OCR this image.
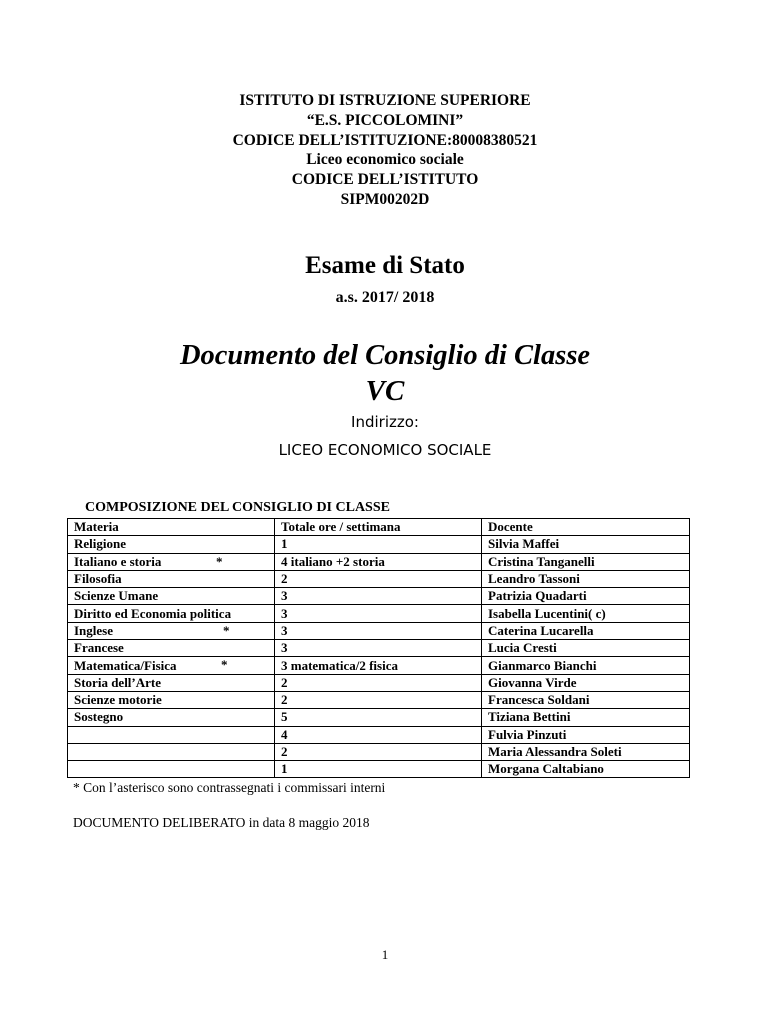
ISTITUTO DI ISTRUZIONE SUPERIORE
“E.S. PICCOLOMINI”
CODICE DELL’ISTITUZIONE:80008380521
Liceo economico sociale
CODICE DELL’ISTITUTO
SIPM00202D
Esame di Stato
a.s. 2017/ 2018
Documento del Consiglio di Classe
VC
Indirizzo:
LICEO ECONOMICO SOCIALE
COMPOSIZIONE DEL CONSIGLIO DI CLASSE
Materia	Totale ore / settimana	Docente
Religione	1	Silvia Maffei
Italiano e storia *	4 italiano +2 storia	Cristina Tanganelli
Filosofia	2	Leandro Tassoni
Scienze Umane	3	Patrizia Quadarti
Diritto ed Economia politica	3	Isabella Lucentini( c)
Inglese *	3	Caterina Lucarella
Francese	3	Lucia Cresti
Matematica/Fisica *	3 matematica/2 fisica	Gianmarco Bianchi
Storia dell’Arte	2	Giovanna Virde
Scienze motorie	2	Francesca Soldani
Sostegno	5	Tiziana Bettini
	4	Fulvia Pinzuti
	2	Maria Alessandra Soleti
	1	Morgana Caltabiano
* Con l’asterisco sono contrassegnati i commissari interni
DOCUMENTO DELIBERATO in data 8 maggio 2018
1
